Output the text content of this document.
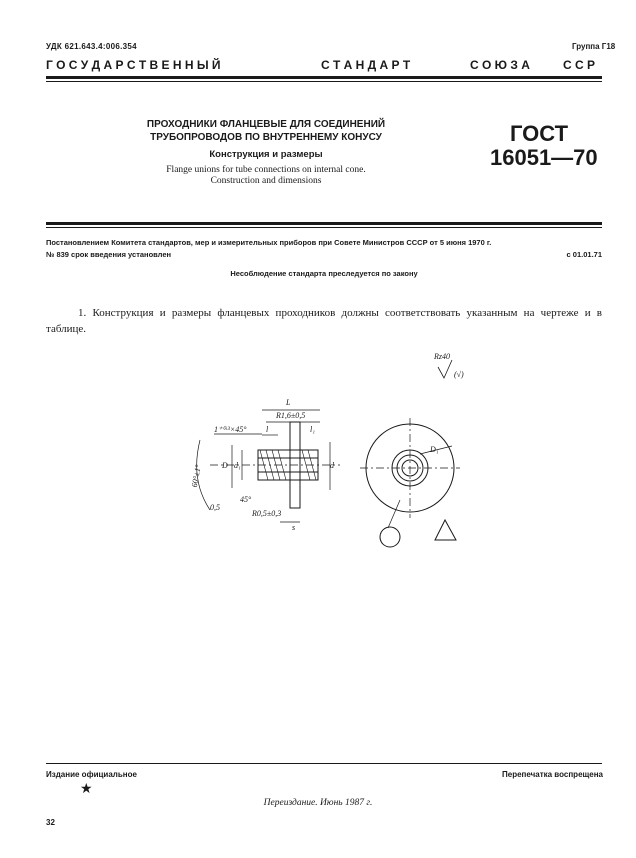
УДК 621.643.4:006.354	Группа Г18
Г О С У Д А Р С Т В Е Н Н Ы Й	С Т А Н Д А Р Т	С О Ю З А	С С Р
ПРОХОДНИКИ ФЛАНЦЕВЫЕ ДЛЯ СОЕДИНЕНИЙ ТРУБОПРОВОДОВ ПО ВНУТРЕННЕМУ КОНУСУ
Конструкция и размеры
Flange unions for tube connections on internal cone.
Construction and dimensions
ГОСТ
16051—70
Постановлением Комитета стандартов, мер и измерительных приборов при Совете Министров СССР от 5 июня 1970 г.
№ 839 срок введения установлен	с 01.01.71
Несоблюдение стандарта преследуется по закону
1. Конструкция и размеры фланцевых проходников должны соответствовать указанным на чертеже и в таблице.
L
R1,6±0,5
l	l₁
1⁺⁰·³×45°
60°±1° D d₁	d
D₁
45°
R0,5±0,3
s
0,5
Rz40
(√)
Издание официальное	Перепечатка воспрещена
★
Переиздание. Июнь 1987 г.
32
